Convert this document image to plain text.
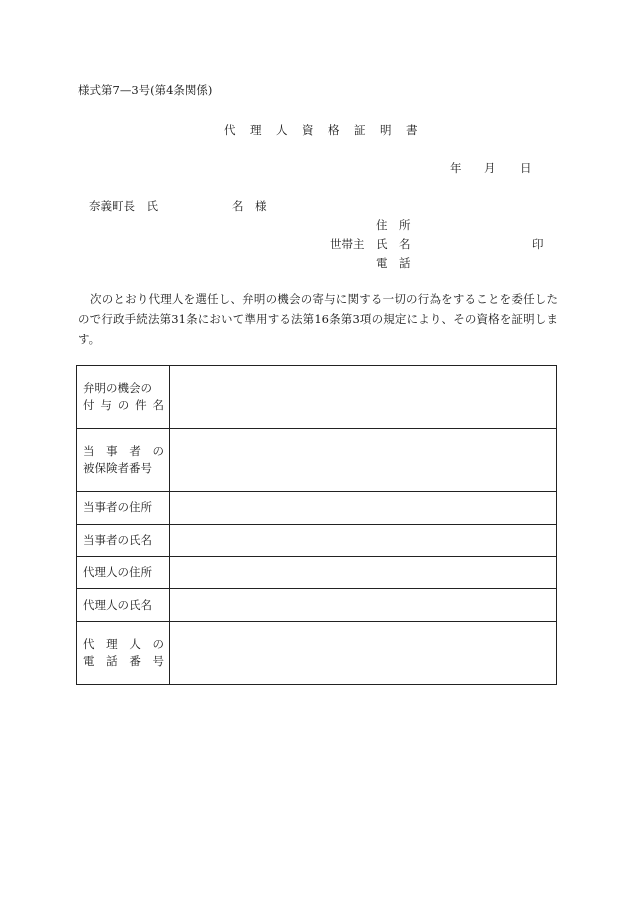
様式第7—3号(第4条関係)
代 理 人 資 格 証 明 書
年 月 日
奈義町長　氏	名　様
住　所
世帯主 氏　名	印
電　話
次のとおり代理人を選任し、弁明の機会の寄与に関する一切の行為をすることを委任したので行政手続法第31条において準用する法第16条第3項の規定により、その資格を証明します。
弁明の機会の
付 与 の 件 名	

当 事 者 の
被保険者番号	

当事者の住所	

当事者の氏名	

代理人の住所	

代理人の氏名	

代 理 人 の
電 話 番 号	
